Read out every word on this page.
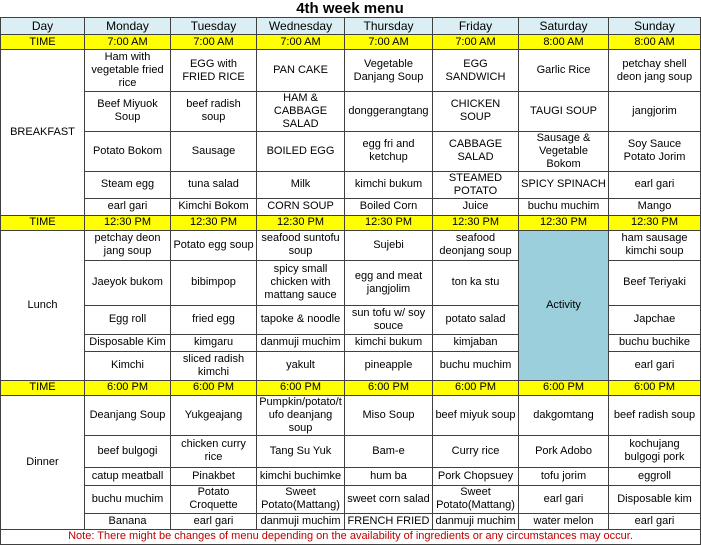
4th week menu
Day	Monday	Tuesday	Wednesday	Thursday	Friday	Saturday	Sunday
TIME	7:00 AM	7:00 AM	7:00 AM	7:00 AM	7:00 AM	8:00 AM	8:00 AM
BREAKFAST	Ham with vegetable fried rice	EGG with FRIED RICE	PAN CAKE	Vegetable Danjang Soup	EGG SANDWICH	Garlic Rice	petchay shell deon jang soup
	Beef Miyuok Soup	beef radish soup	HAM & CABBAGE SALAD	donggerangtang	CHICKEN SOUP	TAUGI SOUP	jangjorim
	Potato Bokom	Sausage	BOILED EGG	egg fri and ketchup	CABBAGE SALAD	Sausage & Vegetable Bokom	Soy Sauce Potato Jorim
	Steam egg	tuna salad	Milk	kimchi bukum	STEAMED POTATO	SPICY SPINACH	earl gari
	earl gari	Kimchi Bokom	CORN SOUP	Boiled Corn	Juice	buchu muchim	Mango
TIME	12:30 PM	12:30 PM	12:30 PM	12:30 PM	12:30 PM	12:30 PM	12:30 PM
Lunch	petchay deon jang soup	Potato egg soup	seafood suntofu soup	Sujebi	seafood deonjang soup	Activity	ham sausage kimchi soup
	Jaeyok bukom	bibimpop	spicy small chicken with mattang sauce	egg and meat jangjolim	ton ka stu		Beef Teriyaki
	Egg roll	fried egg	tapoke & noodle	sun tofu w/ soy souce	potato salad		Japchae
	Disposable Kim	kimgaru	danmuji muchim	kimchi bukum	kimjaban		buchu buchike
	Kimchi	sliced radish kimchi	yakult	pineapple	buchu muchim		earl gari
TIME	6:00 PM	6:00 PM	6:00 PM	6:00 PM	6:00 PM	6:00 PM	6:00 PM
Dinner	Deanjang Soup	Yukgeajang	Pumpkin/potato/tufo deanjang soup	Miso Soup	beef miyuk soup	dakgomtang	beef radish soup
	beef bulgogi	chicken curry rice	Tang Su Yuk	Bam-e	Curry rice	Pork Adobo	kochujang bulgogi pork
	catup meatball	Pinakbet	kimchi buchimke	hum ba	Pork Chopsuey	tofu jorim	eggroll
	buchu muchim	Potato Croquette	Sweet Potato(Mattang)	sweet corn salad	Sweet Potato(Mattang)	earl gari	Disposable kim
	Banana	earl gari	danmuji muchim	FRENCH FRIED	danmuji muchim	water melon	earl gari
Note: There might be changes of menu depending on the availability of ingredients or any circumstances may occur.							
